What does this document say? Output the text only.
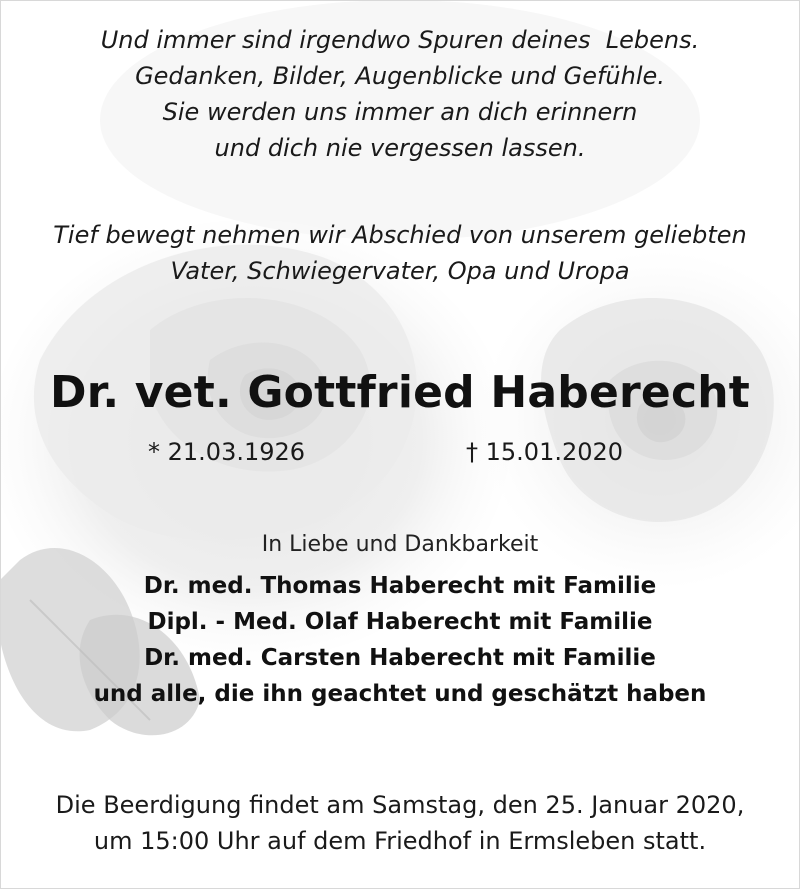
Und immer sind irgendwo Spuren deines  Lebens.
Gedanken, Bilder, Augenblicke und Gefühle.
Sie werden uns immer an dich erinnern
und dich nie vergessen lassen.
Tief bewegt nehmen wir Abschied von unserem geliebten
Vater, Schwiegervater, Opa und Uropa
Dr. vet. Gottfried Haberecht
* 21.03.1926	† 15.01.2020
In Liebe und Dankbarkeit
Dr. med. Thomas Haberecht mit Familie
Dipl. - Med. Olaf Haberecht mit Familie
Dr. med. Carsten Haberecht mit Familie
und alle, die ihn geachtet und geschätzt haben
Die Beerdigung findet am Samstag, den 25. Januar 2020,
um 15:00 Uhr auf dem Friedhof in Ermsleben statt.
